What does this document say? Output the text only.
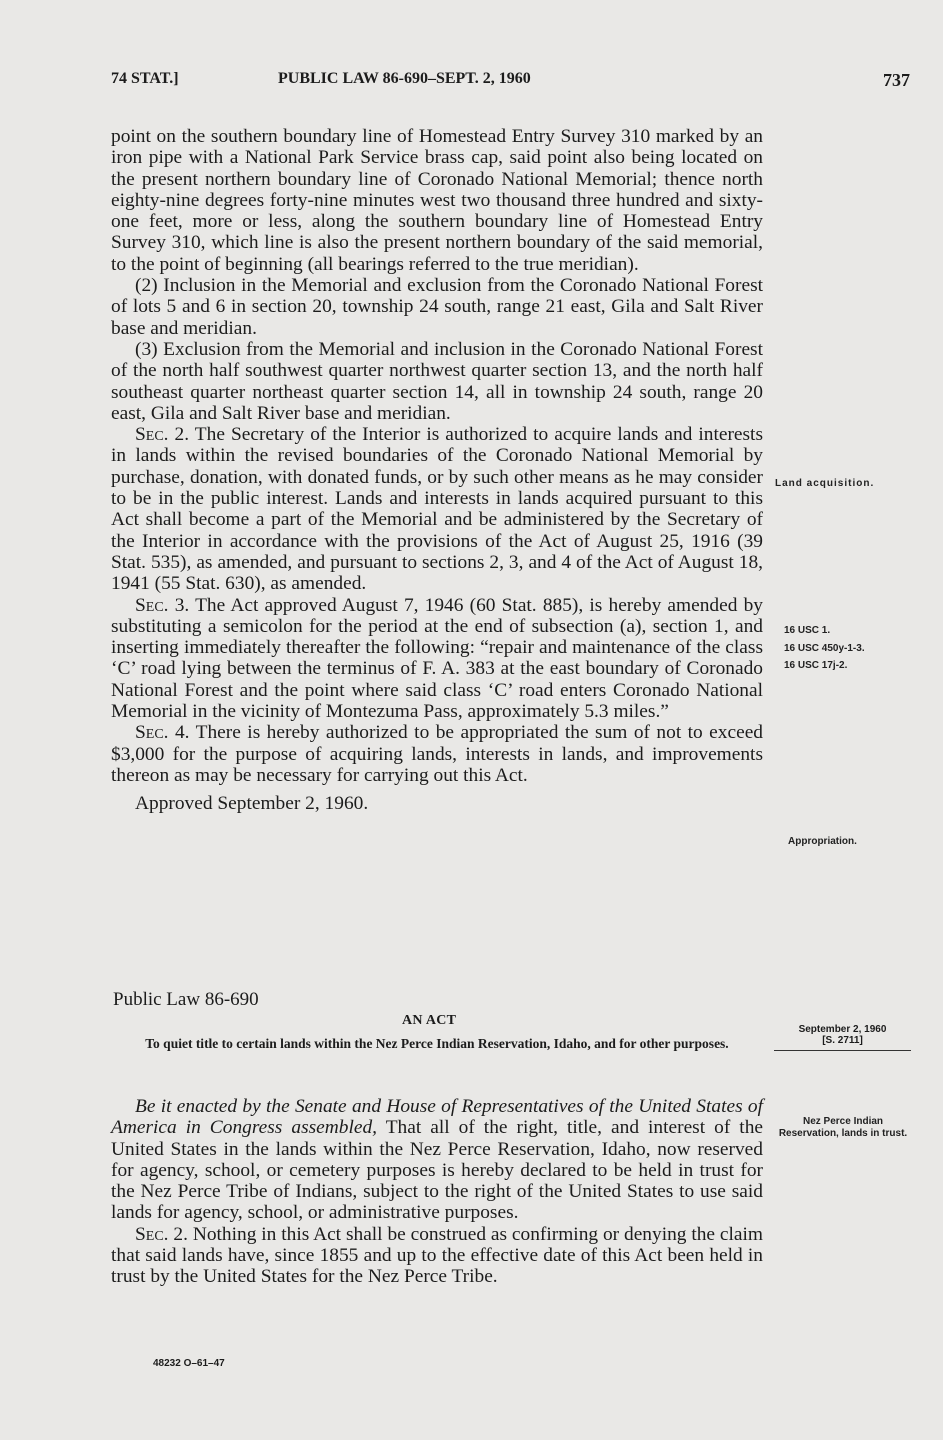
74 STAT.]	PUBLIC LAW 86-690–SEPT. 2, 1960	737

point on the southern boundary line of Homestead Entry Survey 310 marked by an iron pipe with a National Park Service brass cap, said point also being located on the present northern boundary line of Coronado National Memorial; thence north eighty-nine degrees forty-nine minutes west two thousand three hundred and sixty-one feet, more or less, along the southern boundary line of Homestead Entry Survey 310, which line is also the present northern boundary of the said memorial, to the point of beginning (all bearings referred to the true meridian).

(2) Inclusion in the Memorial and exclusion from the Coronado National Forest of lots 5 and 6 in section 20, township 24 south, range 21 east, Gila and Salt River base and meridian.

(3) Exclusion from the Memorial and inclusion in the Coronado National Forest of the north half southwest quarter northwest quarter section 13, and the north half southeast quarter northeast quarter section 14, all in township 24 south, range 20 east, Gila and Salt River base and meridian.

Sec. 2. The Secretary of the Interior is authorized to acquire lands and interests in lands within the revised boundaries of the Coronado National Memorial by purchase, donation, with donated funds, or by such other means as he may consider to be in the public interest. Lands and interests in lands acquired pursuant to this Act shall become a part of the Memorial and be administered by the Secretary of the Interior in accordance with the provisions of the Act of August 25, 1916 (39 Stat. 535), as amended, and pursuant to sections 2, 3, and 4 of the Act of August 18, 1941 (55 Stat. 630), as amended.

Sec. 3. The Act approved August 7, 1946 (60 Stat. 885), is hereby amended by substituting a semicolon for the period at the end of subsection (a), section 1, and inserting immediately thereafter the following: “repair and maintenance of the class ‘C’ road lying between the terminus of F. A. 383 at the east boundary of Coronado National Forest and the point where said class ‘C’ road enters Coronado National Memorial in the vicinity of Montezuma Pass, approximately 5.3 miles.”

Sec. 4. There is hereby authorized to be appropriated the sum of not to exceed $3,000 for the purpose of acquiring lands, interests in lands, and improvements thereon as may be necessary for carrying out this Act.

Approved September 2, 1960.

Public Law 86-690
AN ACT
To quiet title to certain lands within the Nez Perce Indian Reservation, Idaho, and for other purposes.

Be it enacted by the Senate and House of Representatives of the United States of America in Congress assembled, That all of the right, title, and interest of the United States in the lands within the Nez Perce Reservation, Idaho, now reserved for agency, school, or cemetery purposes is hereby declared to be held in trust for the Nez Perce Tribe of Indians, subject to the right of the United States to use said lands for agency, school, or administrative purposes.

Sec. 2. Nothing in this Act shall be construed as confirming or denying the claim that said lands have, since 1855 and up to the effective date of this Act been held in trust by the United States for the Nez Perce Tribe.

Land acquisition.
16 USC 1.
16 USC 450y-1-3.
16 USC 17j-2.
Appropriation.
September 2, 1960
[S. 2711]
Nez Perce Indian Reservation, lands in trust.
48232 O–61–47
